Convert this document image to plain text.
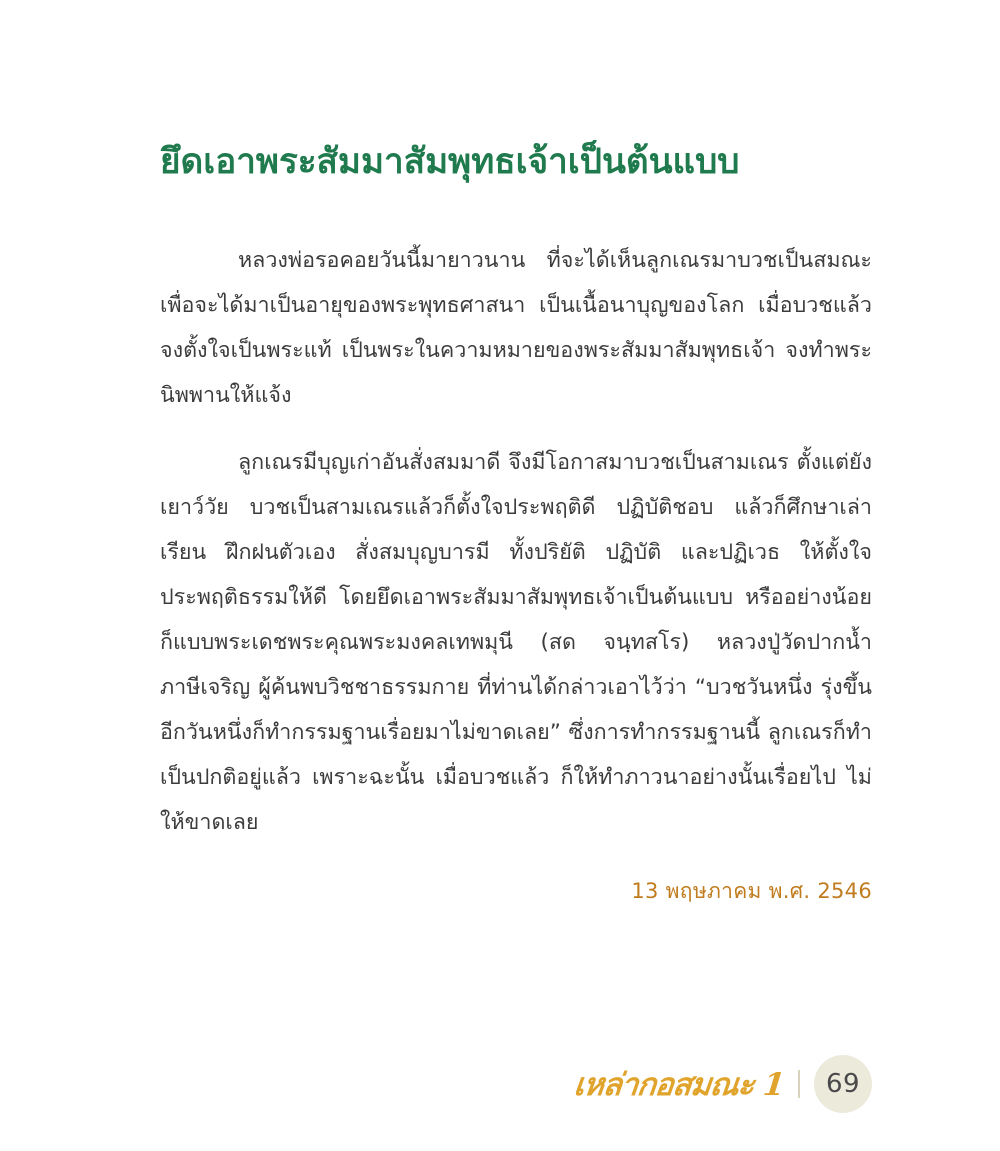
ยึดเอาพระสัมมาสัมพุทธเจ้าเป็นต้นแบบ

หลวงพ่อรอคอยวันนี้มายาวนาน ที่จะได้เห็นลูกเณรมาบวชเป็นสมณะ เพื่อจะได้มาเป็นอายุของพระพุทธศาสนา เป็นเนื้อนาบุญของโลก เมื่อบวชแล้ว จงตั้งใจเป็นพระแท้ เป็นพระในความหมายของพระสัมมาสัมพุทธเจ้า จงทำพระนิพพานให้แจ้ง

ลูกเณรมีบุญเก่าอันสั่งสมมาดี จึงมีโอกาสมาบวชเป็นสามเณร ตั้งแต่ยังเยาว์วัย บวชเป็นสามเณรแล้วก็ตั้งใจประพฤติดี ปฏิบัติชอบ แล้วก็ศึกษาเล่าเรียน ฝึกฝนตัวเอง สั่งสมบุญบารมี ทั้งปริยัติ ปฏิบัติ และปฏิเวธ ให้ตั้งใจประพฤติธรรมให้ดี โดยยึดเอาพระสัมมาสัมพุทธเจ้าเป็นต้นแบบ หรืออย่างน้อยก็แบบพระเดชพระคุณพระมงคลเทพมุนี (สด จนฺทสโร) หลวงปู่วัดปากน้ำ ภาษีเจริญ ผู้ค้นพบวิชชาธรรมกาย ที่ท่านได้กล่าวเอาไว้ว่า “บวชวันหนึ่ง รุ่งขึ้นอีกวันหนึ่งก็ทำกรรมฐานเรื่อยมาไม่ขาดเลย” ซึ่งการทำกรรมฐานนี้ ลูกเณรก็ทำเป็นปกติอยู่แล้ว เพราะฉะนั้น เมื่อบวชแล้ว ก็ให้ทำภาวนาอย่างนั้นเรื่อยไป ไม่ให้ขาดเลย

13 พฤษภาคม พ.ศ. 2546
เหล่ากอสมณะ 1	69
